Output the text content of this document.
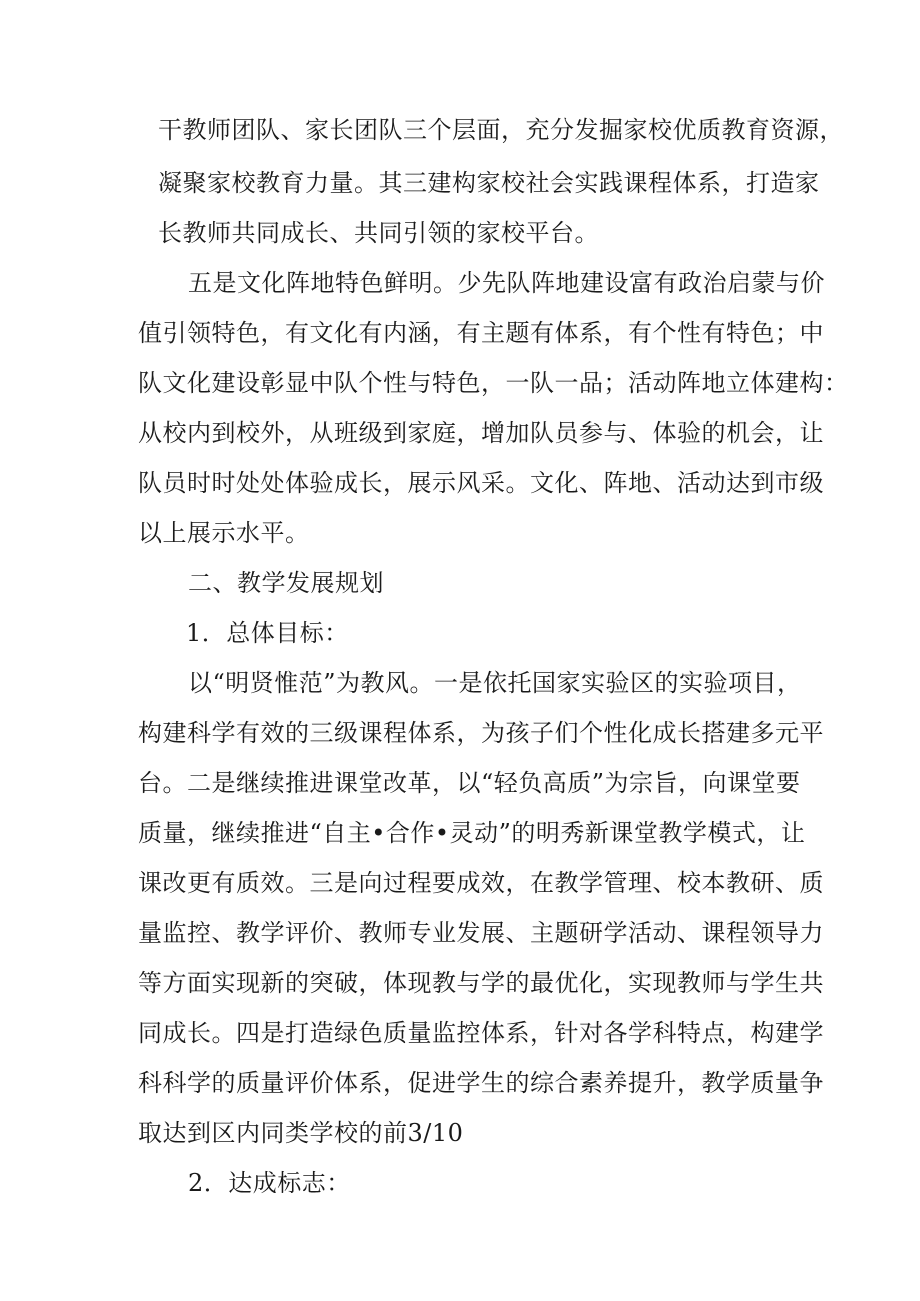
干教师团队、家长团队三个层面，充分发掘家校优质教育资源，
凝聚家校教育力量。其三建构家校社会实践课程体系，打造家
长教师共同成长、共同引领的家校平台。
五是文化阵地特色鲜明。少先队阵地建设富有政治启蒙与价
值引领特色，有文化有内涵，有主题有体系，有个性有特色；中
队文化建设彰显中队个性与特色，一队一品；活动阵地立体建构：
从校内到校外，从班级到家庭，增加队员参与、体验的机会，让
队员时时处处体验成长，展示风采。文化、阵地、活动达到市级
以上展示水平。
二、教学发展规划
1．总体目标：
以“明贤惟范”为教风。一是依托国家实验区的实验项目，
构建科学有效的三级课程体系，为孩子们个性化成长搭建多元平
台。二是继续推进课堂改革，以“轻负高质”为宗旨，向课堂要
质量，继续推进“自主•合作•灵动”的明秀新课堂教学模式，让
课改更有质效。三是向过程要成效，在教学管理、校本教研、质
量监控、教学评价、教师专业发展、主题研学活动、课程领导力
等方面实现新的突破，体现教与学的最优化，实现教师与学生共
同成长。四是打造绿色质量监控体系，针对各学科特点，构建学
科科学的质量评价体系，促进学生的综合素养提升，教学质量争
取达到区内同类学校的前3/10
2．达成标志：
